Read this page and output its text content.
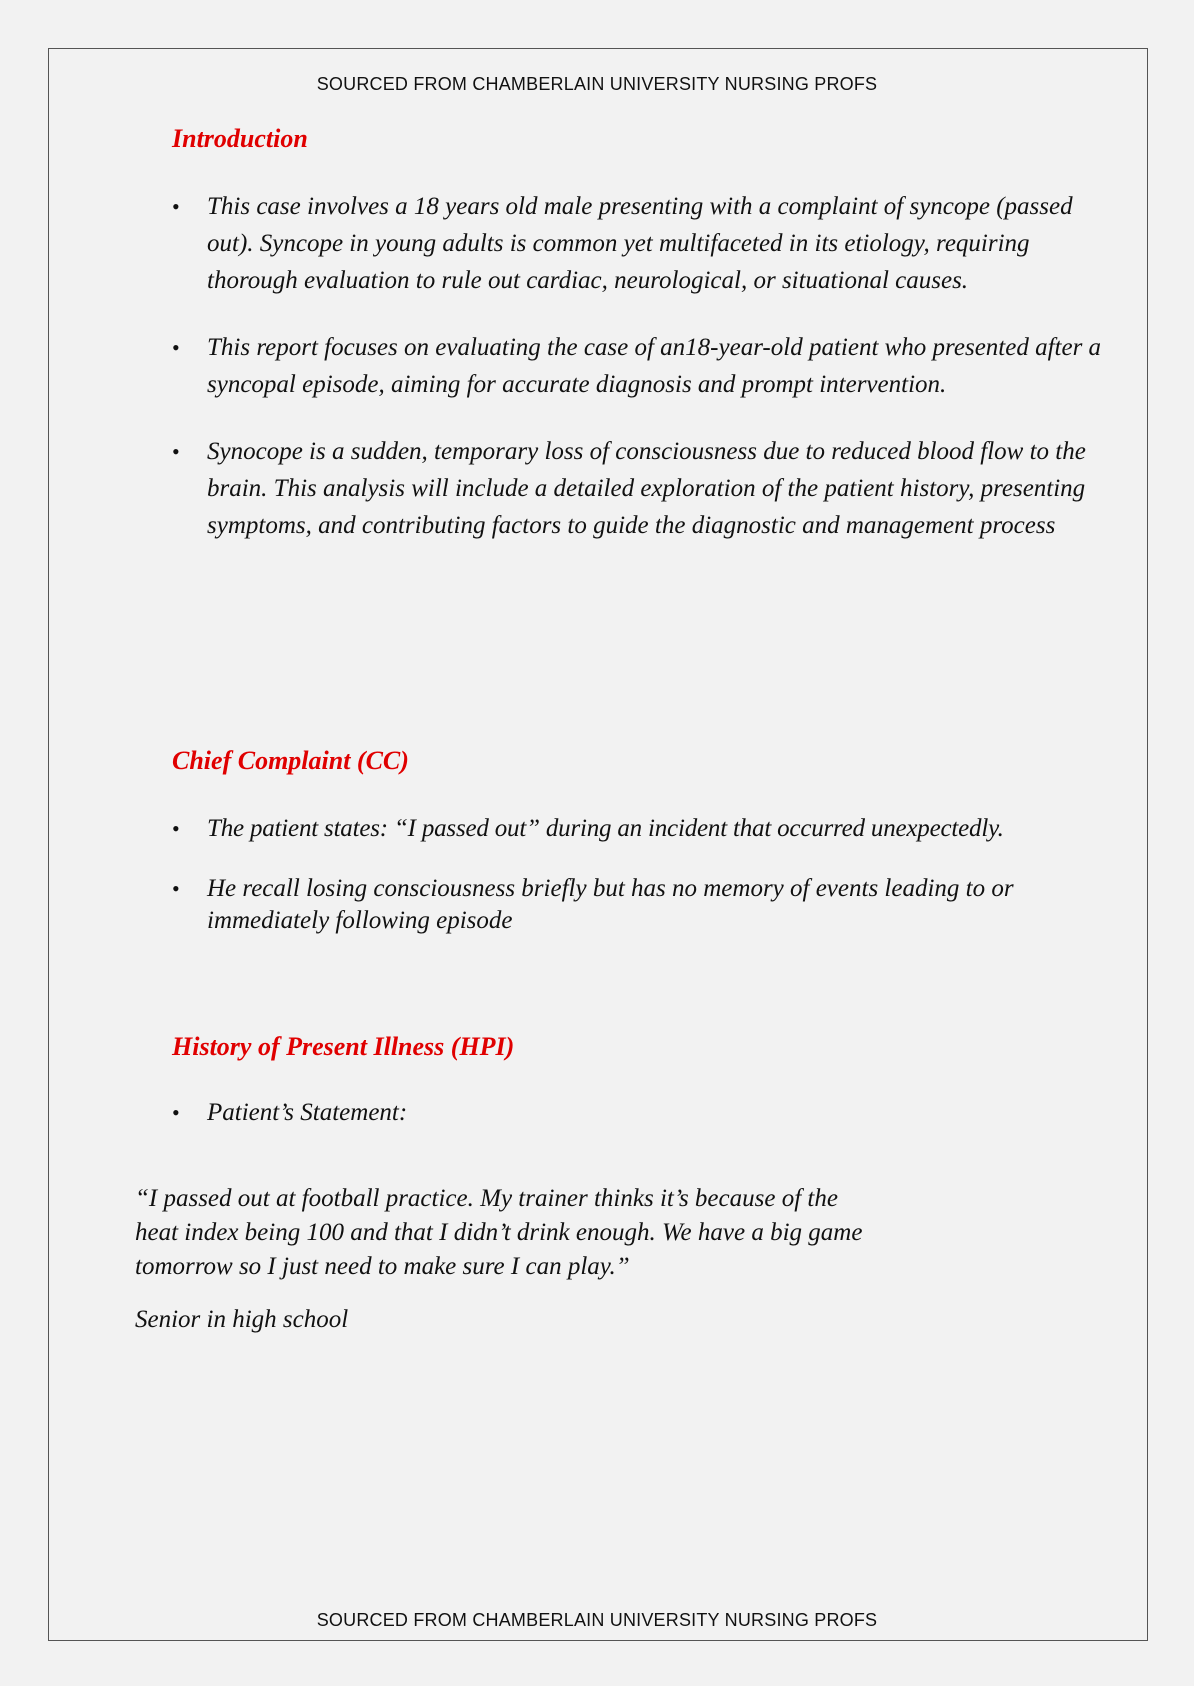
SOURCED FROM CHAMBERLAIN UNIVERSITY NURSING PROFS
Introduction
• This case involves a 18 years old male presenting with a complaint of syncope (passed out). Syncope in young adults is common yet multifaceted in its etiology, requiring thorough evaluation to rule out cardiac, neurological, or situational causes.
• This report focuses on evaluating the case of an18-year-old patient who presented after a syncopal episode, aiming for accurate diagnosis and prompt intervention.
• Synocope is a sudden, temporary loss of consciousness due to reduced blood flow to the brain. This analysis will include a detailed exploration of the patient history, presenting symptoms, and contributing factors to guide the diagnostic and management process
Chief Complaint (CC)
• The patient states: “I passed out” during an incident that occurred unexpectedly.
• He recall losing consciousness briefly but has no memory of events leading to or immediately following episode
History of Present Illness (HPI)
• Patient’s Statement:
“I passed out at football practice. My trainer thinks it’s because of the
heat index being 100 and that I didn’t drink enough. We have a big game
tomorrow so I just need to make sure I can play.”

Senior in high school

SOURCED FROM CHAMBERLAIN UNIVERSITY NURSING PROFS
